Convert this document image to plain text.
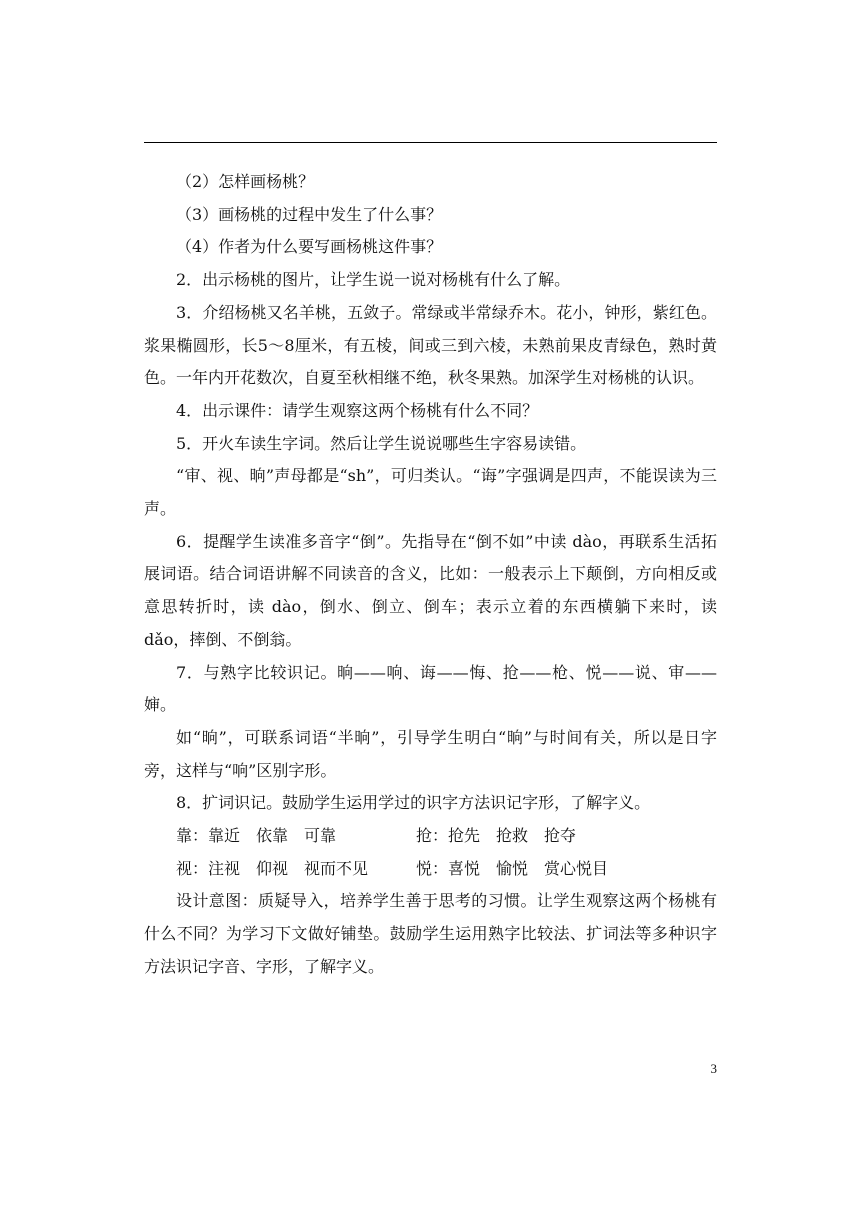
（2）怎样画杨桃？

（3）画杨桃的过程中发生了什么事？

（4）作者为什么要写画杨桃这件事？

2．出示杨桃的图片，让学生说一说对杨桃有什么了解。

3．介绍杨桃又名羊桃，五敛子。常绿或半常绿乔木。花小，钟形，紫红色。浆果椭圆形，长5～8厘米，有五棱，间或三到六棱，未熟前果皮青绿色，熟时黄色。一年内开花数次，自夏至秋相继不绝，秋冬果熟。加深学生对杨桃的认识。

4．出示课件：请学生观察这两个杨桃有什么不同？

5．开火车读生字词。然后让学生说说哪些生字容易读错。

“审、视、晌”声母都是“sh”，可归类认。“诲”字强调是四声，不能误读为三声。

6．提醒学生读准多音字“倒”。先指导在“倒不如”中读 dào，再联系生活拓展词语。结合词语讲解不同读音的含义，比如：一般表示上下颠倒，方向相反或意思转折时，读 dào，倒水、倒立、倒车；表示立着的东西横躺下来时，读 dǎo，摔倒、不倒翁。

7．与熟字比较识记。晌——响、诲——悔、抢——枪、悦——说、审——婶。

如“晌”，可联系词语“半晌”，引导学生明白“晌”与时间有关，所以是日字旁，这样与“响”区别字形。

8．扩词识记。鼓励学生运用学过的识字方法识记字形，了解字义。

靠：靠近　依靠　可靠	抢：抢先　抢救　抢夺
视：注视　仰视　视而不见	悦：喜悦　愉悦　赏心悦目

设计意图：质疑导入，培养学生善于思考的习惯。让学生观察这两个杨桃有什么不同？为学习下文做好铺垫。鼓励学生运用熟字比较法、扩词法等多种识字方法识记字音、字形，了解字义。

3
